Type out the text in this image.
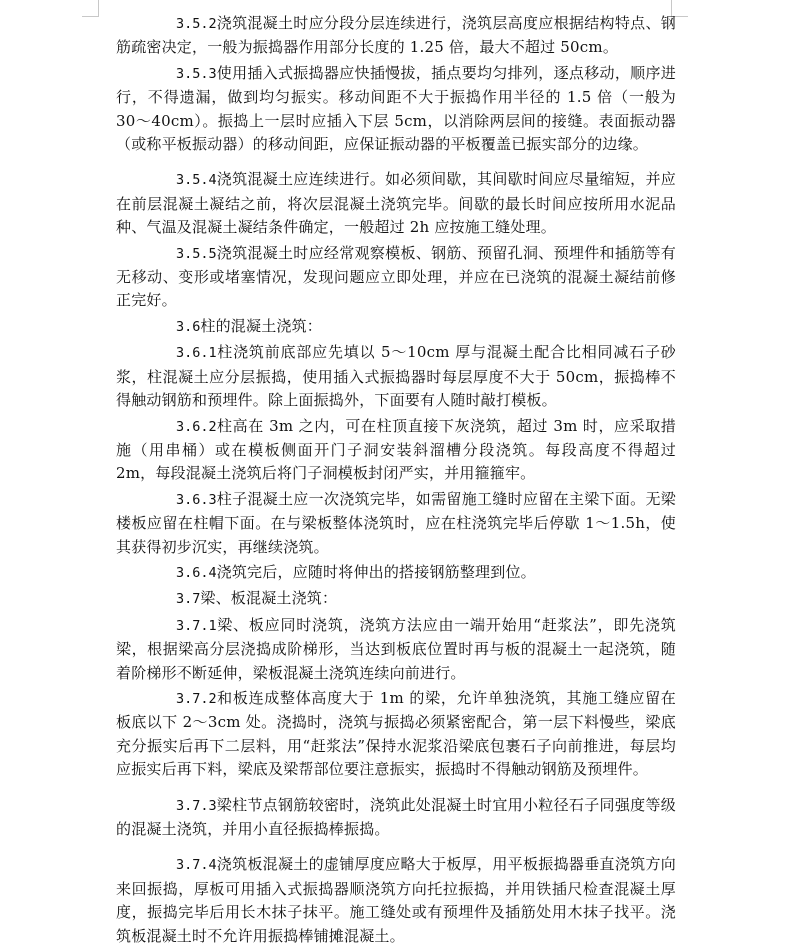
3.5.2浇筑混凝土时应分段分层连续进行，浇筑层高度应根据结构特点、钢筋疏密决定，一般为振捣器作用部分长度的 1.25 倍，最大不超过 50cm。

3.5.3使用插入式振捣器应快插慢拔，插点要均匀排列，逐点移动，顺序进行，不得遗漏，做到均匀振实。移动间距不大于振捣作用半径的 1.5 倍（一般为 30～40cm）。振捣上一层时应插入下层 5cm，以消除两层间的接缝。表面振动器（或称平板振动器）的移动间距，应保证振动器的平板覆盖已振实部分的边缘。

3.5.4浇筑混凝土应连续进行。如必须间歇，其间歇时间应尽量缩短，并应在前层混凝土凝结之前，将次层混凝土浇筑完毕。间歇的最长时间应按所用水泥品种、气温及混凝土凝结条件确定，一般超过 2h 应按施工缝处理。

3.5.5浇筑混凝土时应经常观察模板、钢筋、预留孔洞、预埋件和插筋等有无移动、变形或堵塞情况，发现问题应立即处理，并应在已浇筑的混凝土凝结前修正完好。

3.6柱的混凝土浇筑：

3.6.1柱浇筑前底部应先填以 5～10cm 厚与混凝土配合比相同减石子砂浆，柱混凝土应分层振捣，使用插入式振捣器时每层厚度不大于 50cm，振捣棒不得触动钢筋和预埋件。除上面振捣外，下面要有人随时敲打模板。

3.6.2柱高在 3m 之内，可在柱顶直接下灰浇筑，超过 3m 时，应采取措施（用串桶）或在模板侧面开门子洞安装斜溜槽分段浇筑。每段高度不得超过 2m，每段混凝土浇筑后将门子洞模板封闭严实，并用箍箍牢。

3.6.3柱子混凝土应一次浇筑完毕，如需留施工缝时应留在主梁下面。无梁楼板应留在柱帽下面。在与梁板整体浇筑时，应在柱浇筑完毕后停歇 1～1.5h，使其获得初步沉实，再继续浇筑。

3.6.4浇筑完后，应随时将伸出的搭接钢筋整理到位。

3.7梁、板混凝土浇筑：

3.7.1梁、板应同时浇筑，浇筑方法应由一端开始用“赶浆法”，即先浇筑梁，根据梁高分层浇捣成阶梯形，当达到板底位置时再与板的混凝土一起浇筑，随着阶梯形不断延伸，梁板混凝土浇筑连续向前进行。

3.7.2和板连成整体高度大于 1m 的梁，允许单独浇筑，其施工缝应留在板底以下 2～3cm 处。浇捣时，浇筑与振捣必须紧密配合，第一层下料慢些，梁底充分振实后再下二层料，用“赶浆法”保持水泥浆沿梁底包裹石子向前推进，每层均应振实后再下料，梁底及梁帮部位要注意振实，振捣时不得触动钢筋及预埋件。

3.7.3梁柱节点钢筋较密时，浇筑此处混凝土时宜用小粒径石子同强度等级的混凝土浇筑，并用小直径振捣棒振捣。

3.7.4浇筑板混凝土的虚铺厚度应略大于板厚，用平板振捣器垂直浇筑方向来回振捣，厚板可用插入式振捣器顺浇筑方向托拉振捣，并用铁插尺检查混凝土厚度，振捣完毕后用长木抹子抹平。施工缝处或有预埋件及插筋处用木抹子找平。浇筑板混凝土时不允许用振捣棒铺摊混凝土。
